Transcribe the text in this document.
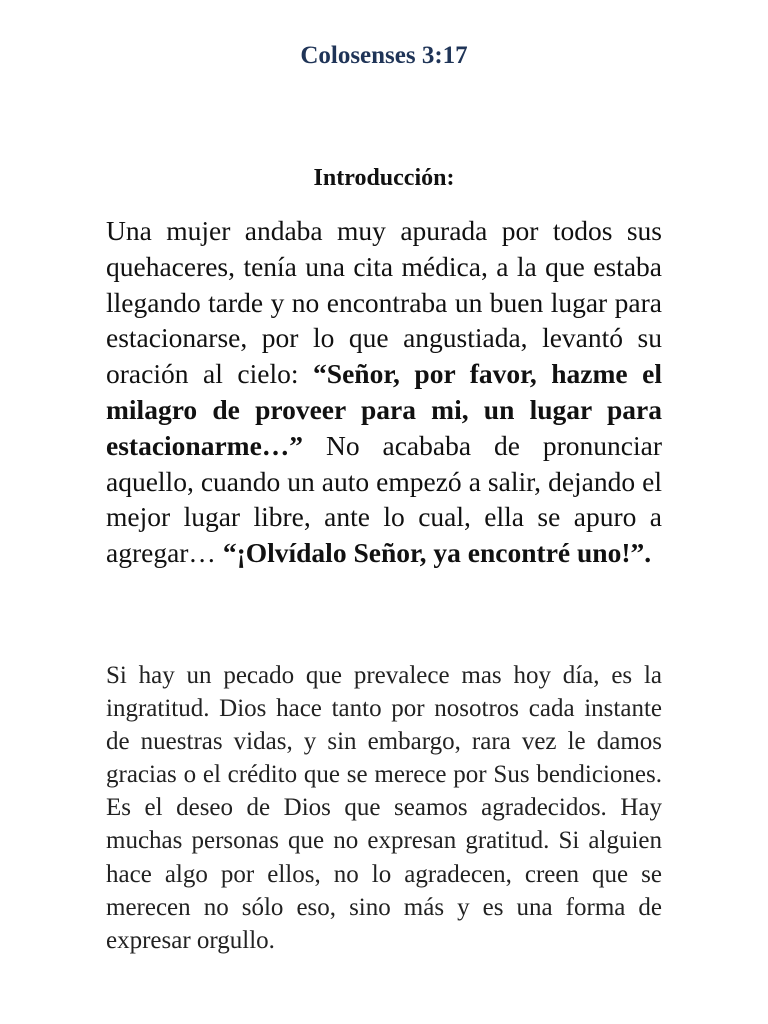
Colosenses 3:17
Introducción:
Una mujer andaba muy apurada por todos sus quehaceres, tenía una cita médica, a la que estaba llegando tarde y no encontraba un buen lugar para estacionarse, por lo que angustiada, levantó su oración al cielo: “Señor, por favor, hazme el milagro de proveer para mi, un lugar para estacionarme…” No acababa de pronunciar aquello, cuando un auto empezó a salir, dejando el mejor lugar libre, ante lo cual, ella se apuro a agregar… “¡Olvídalo Señor, ya encontré uno!”.
Si hay un pecado que prevalece mas hoy día, es la ingratitud. Dios hace tanto por nosotros cada instante de nuestras vidas, y sin embargo, rara vez le damos gracias o el crédito que se merece por Sus bendiciones. Es el deseo de Dios que seamos agradecidos. Hay muchas personas que no expresan gratitud. Si alguien hace algo por ellos, no lo agradecen, creen que se merecen no sólo eso, sino más y es una forma de expresar orgullo.
